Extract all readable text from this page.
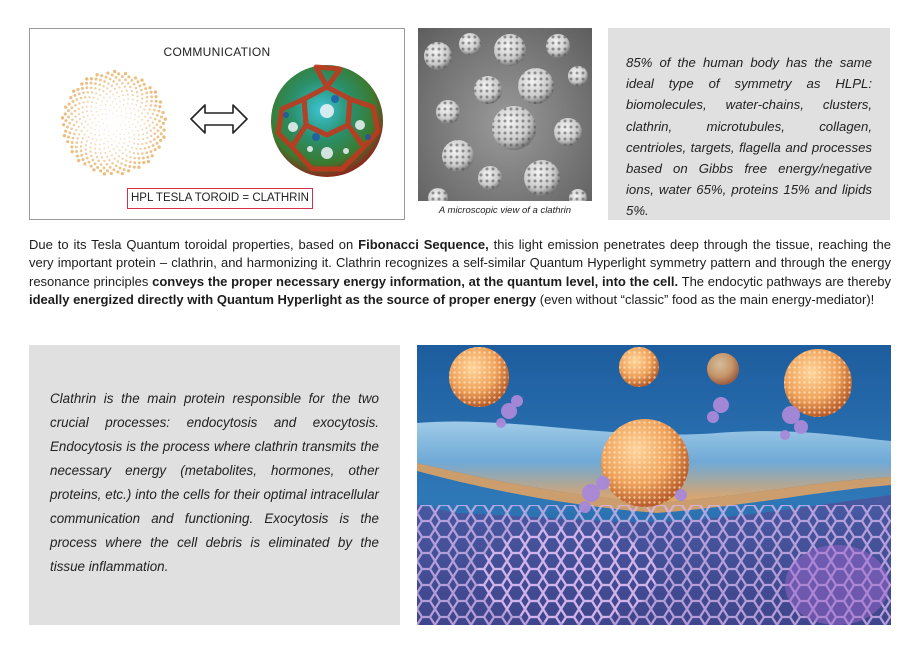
COMMUNICATION
HPL TESLA TOROID = CLATHRIN
A microscopic view of a clathrin

85% of the human body has the same ideal type of symmetry as HLPL: biomolecules, water-chains, clusters, clathrin, microtubules, collagen, centrioles, targets, flagella and processes based on Gibbs free energy/negative ions, water 65%, proteins 15% and lipids 5%.

Due to its Tesla Quantum toroidal properties, based on Fibonacci Sequence, this light emission penetrates deep through the tissue, reaching the very important protein – clathrin, and harmonizing it. Clathrin recognizes a self-similar Quantum Hyperlight symmetry pattern and through the energy resonance principles conveys the proper necessary energy information, at the quantum level, into the cell. The endocytic pathways are thereby ideally energized directly with Quantum Hyperlight as the source of proper energy (even without “classic” food as the main energy-mediator)!

Clathrin is the main protein responsible for the two crucial processes: endocytosis and exocytosis. Endocytosis is the process where clathrin transmits the necessary energy (metabolites, hormones, other proteins, etc.) into the cells for their optimal intracellular communication and functioning. Exocytosis is the process where the cell debris is eliminated by the tissue inflammation.
